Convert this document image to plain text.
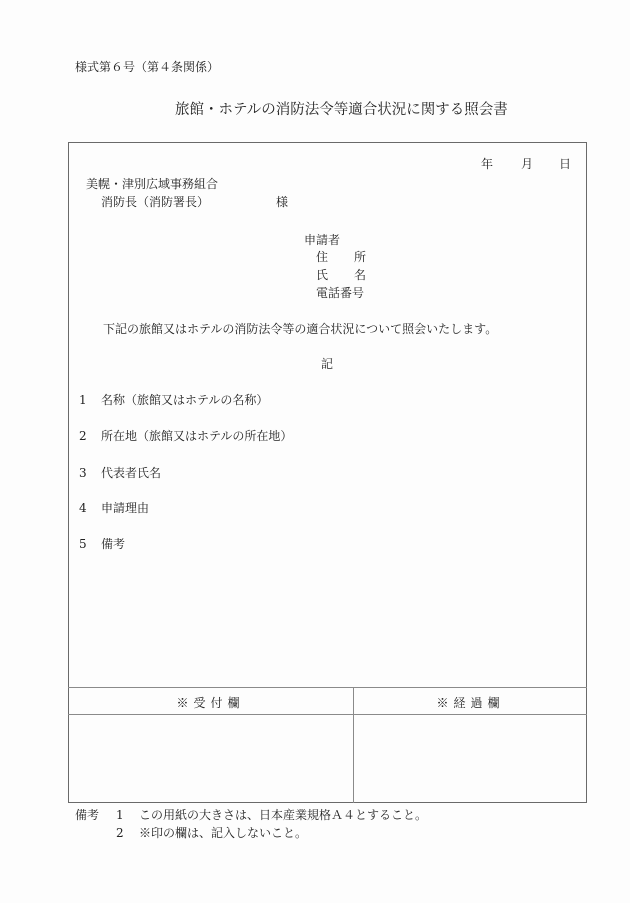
様式第６号（第４条関係）
旅館・ホテルの消防法令等適合状況に関する照会書
年 月 日
美幌・津別広域事務組合
消防長（消防署長）	様
申請者
住 所
氏 名
電話番号
下記の旅館又はホテルの消防法令等の適合状況について照会いたします。
記
1 名称（旅館又はホテルの名称）
2 所在地（旅館又はホテルの所在地）
3 代表者氏名
4 申請理由
5 備考
※受付欄	※経過欄
備考 1 この用紙の大きさは、日本産業規格Ａ４とすること。
2 ※印の欄は、記入しないこと。
